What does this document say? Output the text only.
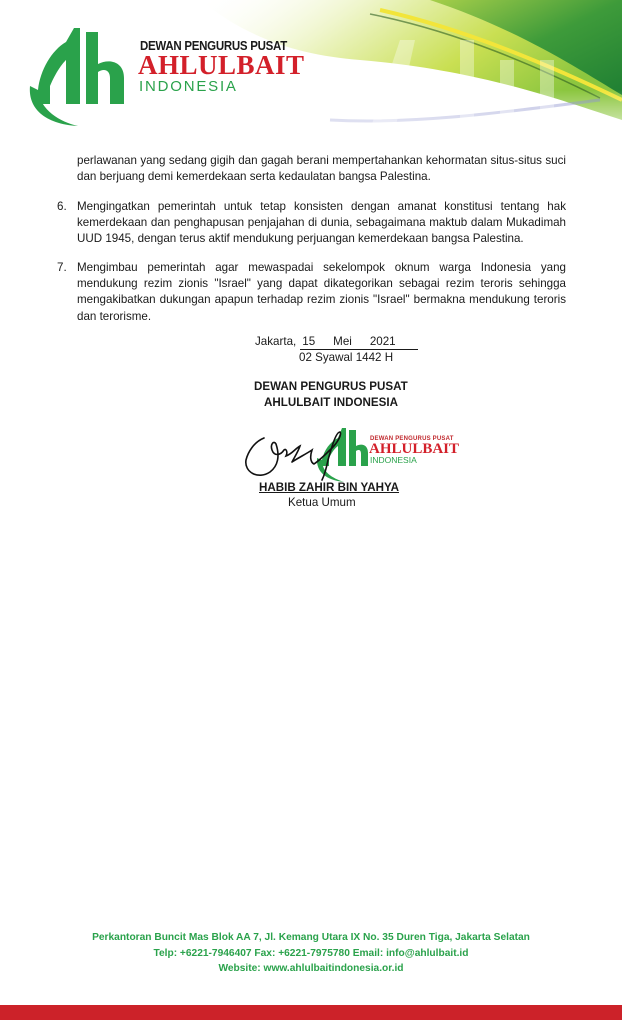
DEWAN PENGURUS PUSAT
AHLULBAIT
INDONESIA
perlawanan yang sedang gigih dan gagah berani mempertahankan kehormatan situs-situs suci dan berjuang demi kemerdekaan serta kedaulatan bangsa Palestina.
6. Mengingatkan pemerintah untuk tetap konsisten dengan amanat konstitusi tentang hak kemerdekaan dan penghapusan penjajahan di dunia, sebagaimana maktub dalam Mukadimah UUD 1945, dengan terus aktif mendukung perjuangan kemerdekaan bangsa Palestina.
7. Mengimbau pemerintah agar mewaspadai sekelompok oknum warga Indonesia yang mendukung rezim zionis "Israel" yang dapat dikategorikan sebagai rezim teroris sehingga mengakibatkan dukungan apapun terhadap rezim zionis "Israel" bermakna mendukung teroris dan terorisme.
Jakarta, 15 Mei 2021
02 Syawal 1442 H
DEWAN PENGURUS PUSAT
AHLULBAIT INDONESIA
HABIB ZAHIR BIN YAHYA
Ketua Umum
DEWAN PENGURUS PUSAT
AHLULBAIT
INDONESIA
Perkantoran Buncit Mas Blok AA 7, Jl. Kemang Utara IX No. 35 Duren Tiga, Jakarta Selatan
Telp: +6221-7946407 Fax: +6221-7975780 Email: info@ahlulbait.id
Website: www.ahlulbaitindonesia.or.id
